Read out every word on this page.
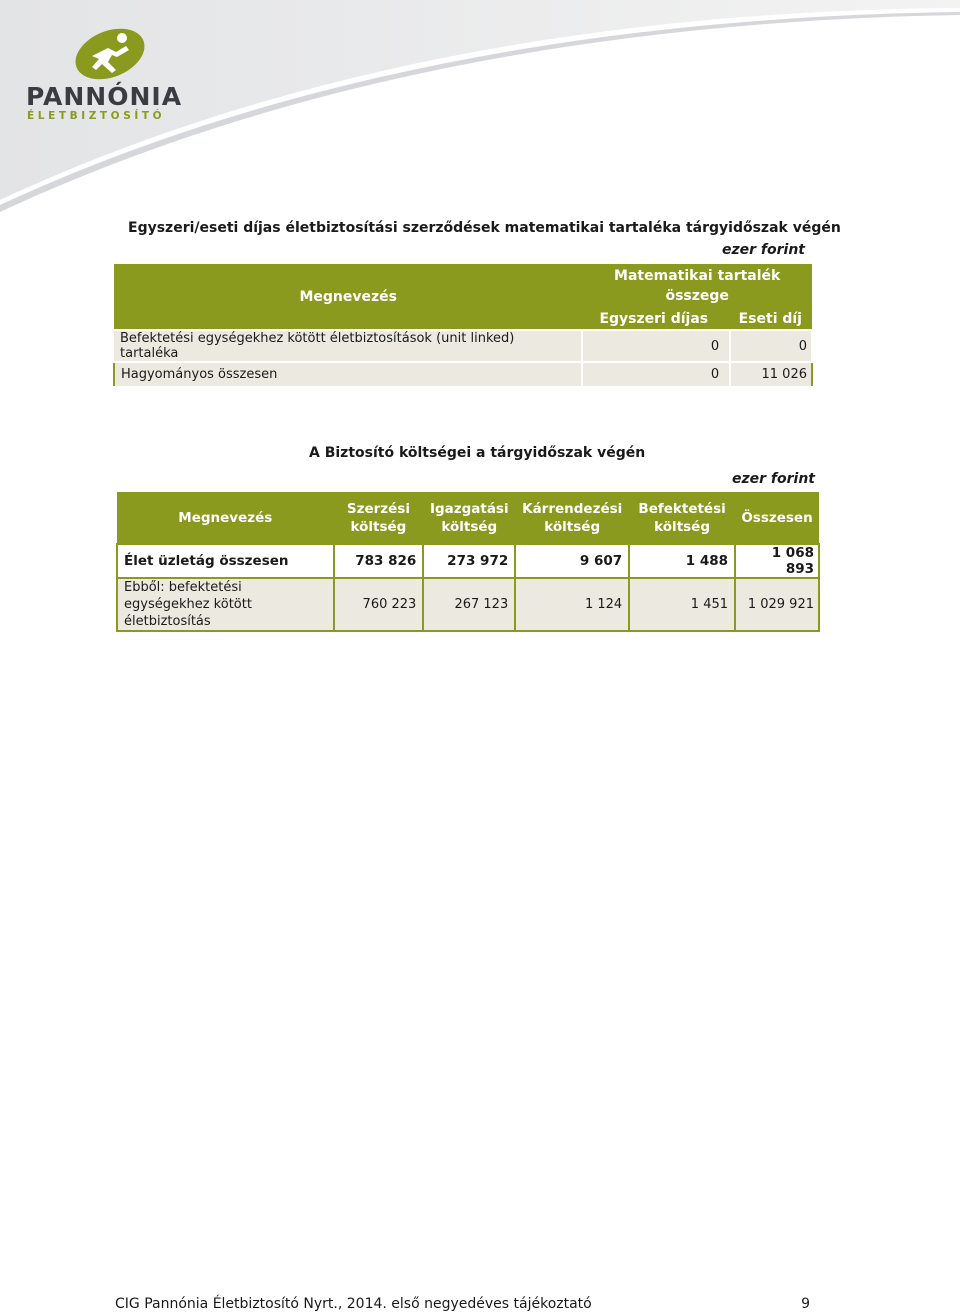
PANNÓNIA
ÉLETBIZTOSÍTÓ
Egyszeri/eseti díjas életbiztosítási szerződések matematikai tartaléka tárgyidőszak végén
ezer forint
Megnevezés	Matematikai tartalék összege	
	Egyszeri díjas	Eseti díj
Befektetési egységekhez kötött életbiztosítások (unit linked) tartaléka	0	0
Hagyományos összesen	0	11 026
A Biztosító költségei a tárgyidőszak végén
ezer forint
Megnevezés	Szerzési költség	Igazgatási költség	Kárrendezési költség	Befektetési költség	Összesen
Élet üzletág összesen	783 826	273 972	9 607	1 488	1 068 893
Ebből: befektetési egységekhez kötött életbiztosítás	760 223	267 123	1 124	1 451	1 029 921
CIG Pannónia Életbiztosító Nyrt., 2014. első negyedéves tájékoztató	9
